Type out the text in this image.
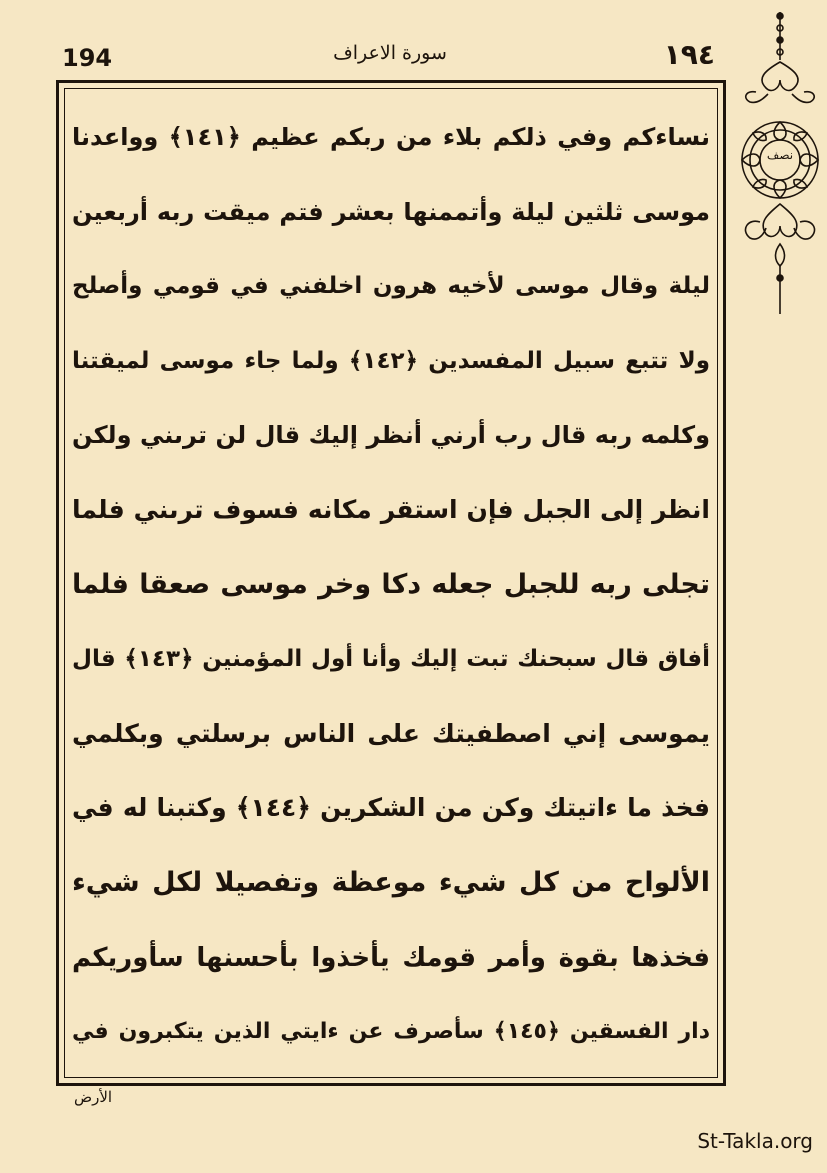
194	سورة الاعراف	١٩٤
نصف
نساءكم وفي ذلكم بلاء من ربكم عظيم ﴿١٤١﴾ وواعدنا
موسى ثلثين ليلة وأتممنها بعشر فتم ميقت ربه أربعين
ليلة وقال موسى لأخيه هرون اخلفني في قومي وأصلح
ولا تتبع سبيل المفسدين ﴿١٤٢﴾ ولما جاء موسى لميقتنا
وكلمه ربه قال رب أرني أنظر إليك قال لن ترىني ولكن
انظر إلى الجبل فإن استقر مكانه فسوف ترىني فلما
تجلى ربه للجبل جعله دكا وخر موسى صعقا فلما
أفاق قال سبحنك تبت إليك وأنا أول المؤمنين ﴿١٤٣﴾ قال
يموسى إني اصطفيتك على الناس برسلتي وبكلمي
فخذ ما ءاتيتك وكن من الشكرين ﴿١٤٤﴾ وكتبنا له في
الألواح من كل شيء موعظة وتفصيلا لكل شيء
فخذها بقوة وأمر قومك يأخذوا بأحسنها سأوريكم
دار الفسقين ﴿١٤٥﴾ سأصرف عن ءايتي الذين يتكبرون في
الأرض
St-Takla.org
